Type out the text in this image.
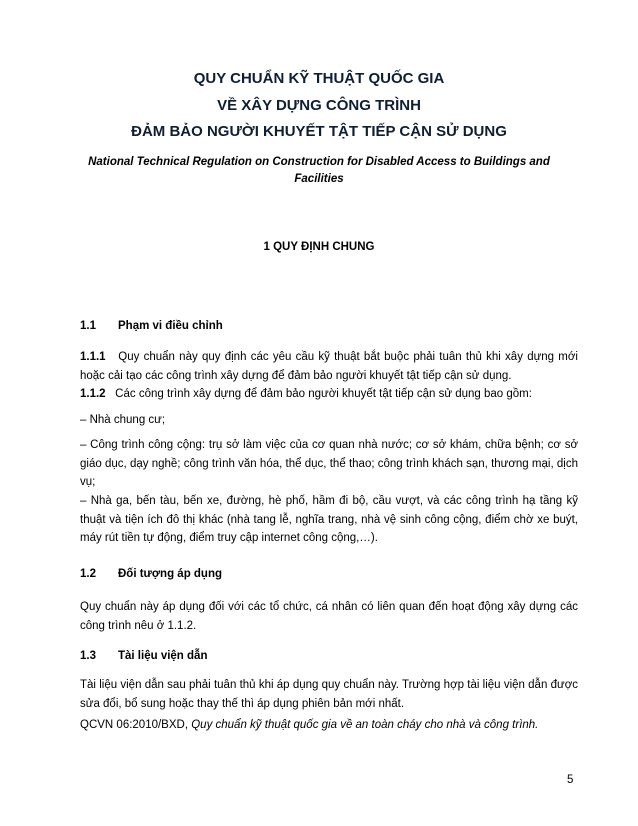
QUY CHUẨN KỸ THUẬT QUỐC GIA
VỀ XÂY DỰNG CÔNG TRÌNH
ĐẢM BẢO NGƯỜI KHUYẾT TẬT TIẾP CẬN SỬ DỤNG
National Technical Regulation on Construction for Disabled Access to Buildings and Facilities
1 QUY ĐỊNH CHUNG
1.1 Phạm vi điều chỉnh
1.1.1 Quy chuẩn này quy định các yêu cầu kỹ thuật bắt buộc phải tuân thủ khi xây dựng mới hoặc cải tạo các công trình xây dựng để đảm bảo người khuyết tật tiếp cận sử dụng.
1.1.2 Các công trình xây dựng để đảm bảo người khuyết tật tiếp cận sử dụng bao gồm:
– Nhà chung cư;
– Công trình công cộng: trụ sở làm việc của cơ quan nhà nước; cơ sở khám, chữa bệnh; cơ sở giáo dục, dạy nghề; công trình văn hóa, thể dục, thể thao; công trình khách sạn, thương mại, dịch vụ;
– Nhà ga, bến tàu, bến xe, đường, hè phố, hầm đi bộ, cầu vượt, và các công trình hạ tầng kỹ thuật và tiện ích đô thị khác (nhà tang lễ, nghĩa trang, nhà vệ sinh công cộng, điểm chờ xe buýt, máy rút tiền tự động, điểm truy cập internet công cộng,…).
1.2 Đối tượng áp dụng
Quy chuẩn này áp dụng đối với các tổ chức, cá nhân có liên quan đến hoạt động xây dựng các công trình nêu ở 1.1.2.
1.3 Tài liệu viện dẫn
Tài liệu viện dẫn sau phải tuân thủ khi áp dụng quy chuẩn này. Trường hợp tài liệu viện dẫn được sửa đổi, bổ sung hoặc thay thế thì áp dụng phiên bản mới nhất.
QCVN 06:2010/BXD, Quy chuẩn kỹ thuật quốc gia về an toàn cháy cho nhà và công trình.
5
